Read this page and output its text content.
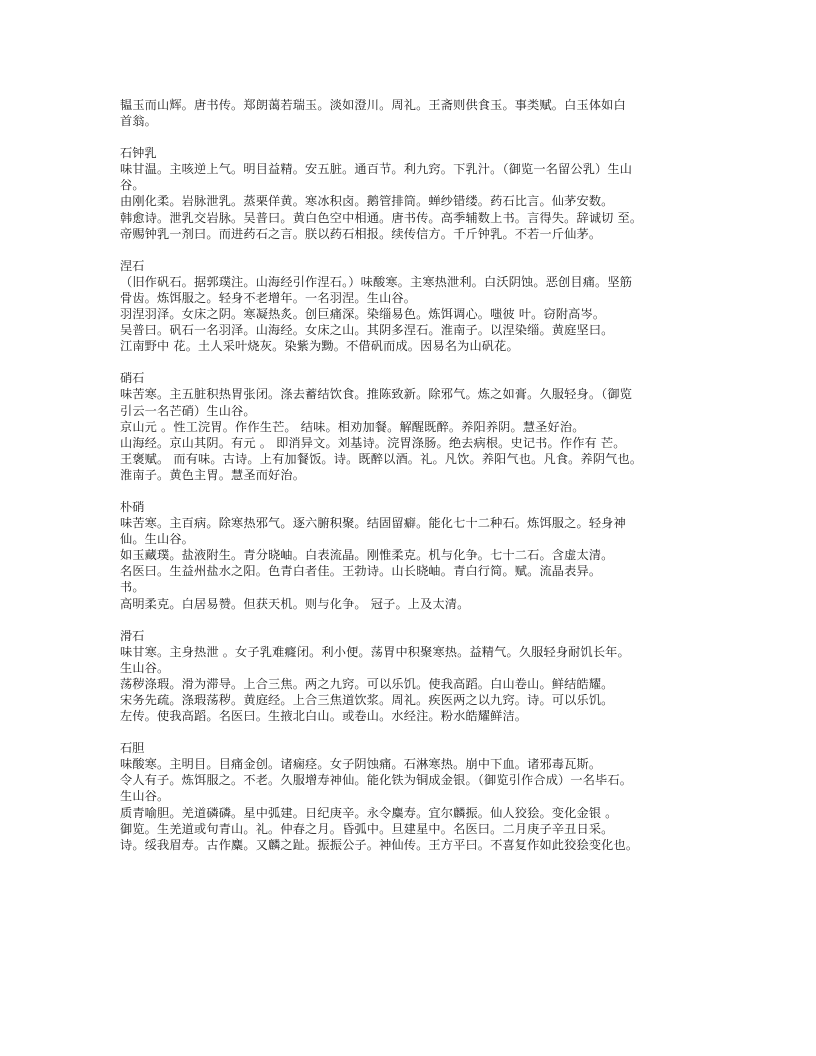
韫玉而山辉。唐书传。郑朗蔼若瑞玉。淡如澄川。周礼。王斋则供食玉。事类赋。白玉体如白
首翁。
石钟乳
味甘温。主咳逆上气。明目益精。安五脏。通百节。利九窍。下乳汁。（御览一名留公乳）生山
谷。
由刚化柔。岩脉泄乳。蒸栗佯黄。寒冰积卤。鹅管排筒。蝉纱错缕。药石比言。仙茅安数。
韩愈诗。泄乳交岩脉。吴普曰。黄白色空中相通。唐书传。高季辅数上书。言得失。辞诚切 至。
帝赐钟乳一剂曰。而进药石之言。朕以药石相报。续传信方。千斤钟乳。不若一斤仙茅。
涅石
（旧作矾石。据郭璞注。山海经引作涅石。）味酸寒。主寒热泄利。白沃阴蚀。恶创目痛。坚筋
骨齿。炼饵服之。轻身不老增年。一名羽涅。生山谷。
羽涅羽泽。女床之阴。寒凝热炙。创巨痛深。染缁易色。炼饵调心。嗤彼 叶。窃附高岑。
吴普曰。矾石一名羽泽。山海经。女床之山。其阴多涅石。淮南子。以涅染缁。黄庭坚曰。
江南野中 花。土人采叶烧灰。染紫为黝。不借矾而成。因易名为山矾花。
硝石
味苦寒。主五脏积热胃张闭。涤去蓄结饮食。推陈致新。除邪气。炼之如膏。久服轻身。（御览
引云一名芒硝）生山谷。
京山元 。性工浣胃。作作生芒。 结味。相劝加餐。解醒既醉。养阳养阴。慧圣好治。
山海经。京山其阴。有元 。 即消异文。刘基诗。浣胃涤肠。绝去病根。史记书。作作有 芒。
王褒赋。 而有味。古诗。上有加餐饭。诗。既醉以酒。礼。凡饮。养阳气也。凡食。养阴气也。
淮南子。黄色主胃。慧圣而好治。
朴硝
味苦寒。主百病。除寒热邪气。逐六腑积聚。结固留癖。能化七十二种石。炼饵服之。轻身神
仙。生山谷。
如玉藏璞。盐液附生。青分晓岫。白表流晶。刚惟柔克。机与化争。七十二石。含虚太清。
名医曰。生益州盐水之阳。色青白者佳。王勃诗。山长晓岫。青白行简。赋。流晶表异。
书。
高明柔克。白居易赞。但获天机。则与化争。 冠子。上及太清。
滑石
味甘寒。主身热泄 。女子乳难癃闭。利小便。荡胃中积聚寒热。益精气。久服轻身耐饥长年。
生山谷。
荡秽涤瑕。滑为滞导。上合三焦。两之九窍。可以乐饥。使我高蹈。白山卷山。鲜结皓耀。
宋务先疏。涤瑕荡秽。黄庭经。上合三焦道饮浆。周礼。疾医两之以九窍。诗。可以乐饥。
左传。使我高蹈。名医曰。生掖北白山。或卷山。水经注。粉水皓耀鲜洁。
石胆
味酸寒。主明目。目痛金创。诸痫痉。女子阴蚀痛。石淋寒热。崩中下血。诸邪毒瓦斯。
令人有子。炼饵服之。不老。久服增寿神仙。能化铁为铜成金银。（御览引作合成）一名毕石。
生山谷。
质青喻胆。羌道磷磷。星中弧建。日纪庚辛。永令麋寿。宜尔麟振。仙人狡狯。变化金银 。
御览。生羌道或句青山。礼。仲春之月。昏弧中。旦建星中。名医曰。二月庚子辛丑日采。
诗。绥我眉寿。古作麋。又麟之趾。振振公子。神仙传。王方平曰。不喜复作如此狡狯变化也。
